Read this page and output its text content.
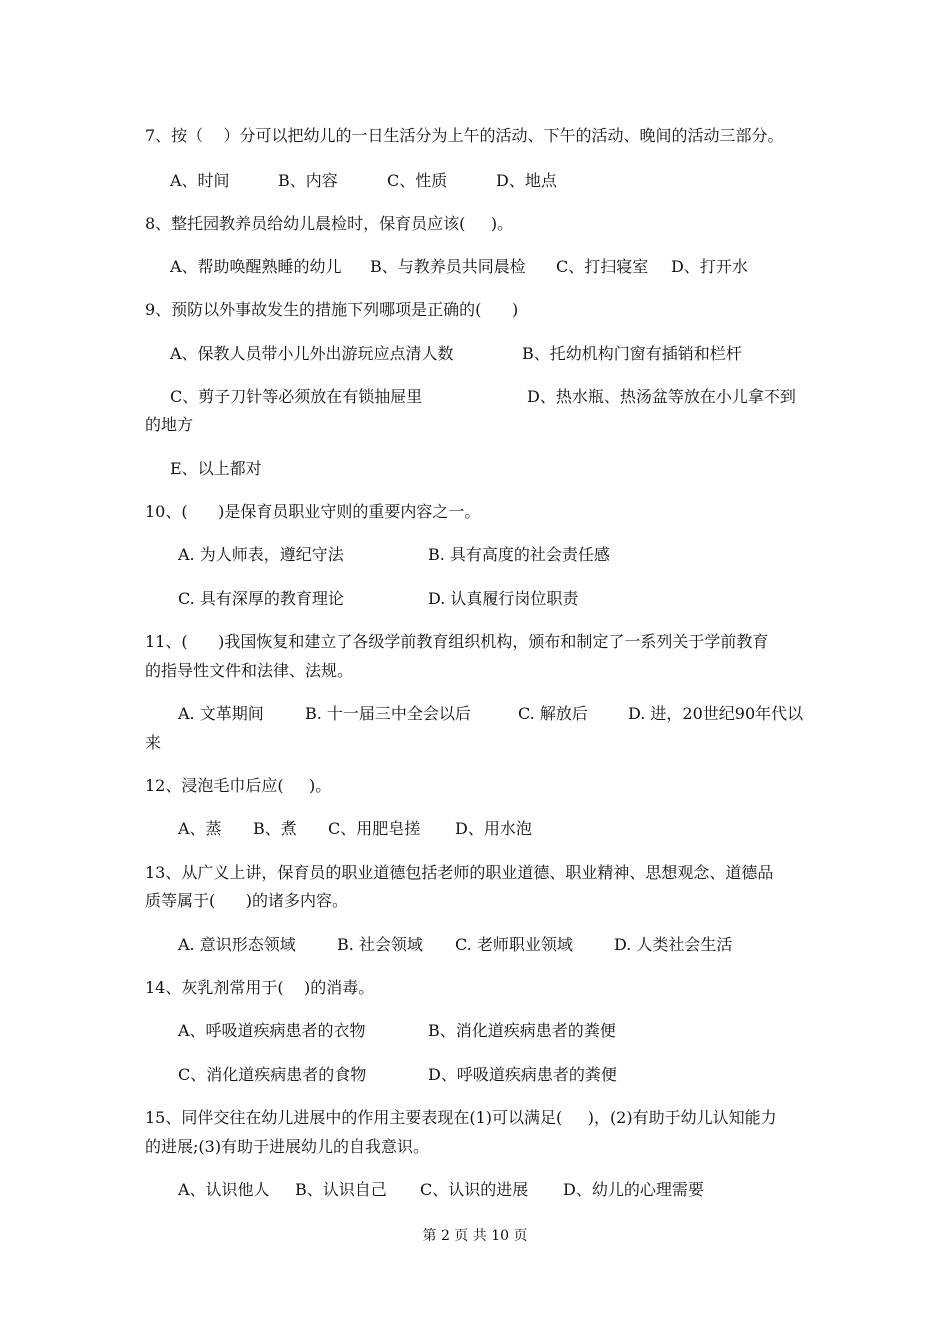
7、按（    ）分可以把幼儿的一日生活分为上午的活动、下午的活动、晚间的活动三部分。
A、时间	B、内容	C、性质	D、地点
8、整托园教养员给幼儿晨检时，保育员应该(     )。
A、帮助唤醒熟睡的幼儿 B、与教养员共同晨检 C、打扫寝室 D、打开水
9、预防以外事故发生的措施下列哪项是正确的(      )
A、保教人员带小儿外出游玩应点清人数	B、托幼机构门窗有插销和栏杆
C、剪子刀针等必须放在有锁抽屉里	D、热水瓶、热汤盆等放在小儿拿不到
的地方
E、以上都对
10、(      )是保育员职业守则的重要内容之一。
A. 为人师表，遵纪守法	B. 具有高度的社会责任感
C. 具有深厚的教育理论	D. 认真履行岗位职责
11、(      )我国恢复和建立了各级学前教育组织机构，颁布和制定了一系列关于学前教育
的指导性文件和法律、法规。
A. 文革期间	B. 十一届三中全会以后	C. 解放后	D. 进，20世纪90年代以
来
12、浸泡毛巾后应(     )。
A、蒸 B、煮 C、用肥皂搓 D、用水泡
13、从广义上讲，保育员的职业道德包括老师的职业道德、职业精神、思想观念、道德品
质等属于(      )的诸多内容。
A. 意识形态领域	B. 社会领域 C. 老师职业领域	D. 人类社会生活
14、灰乳剂常用于(    )的消毒。
A、呼吸道疾病患者的衣物	B、消化道疾病患者的粪便
C、消化道疾病患者的食物	D、呼吸道疾病患者的粪便
15、同伴交往在幼儿进展中的作用主要表现在(1)可以满足(     )，(2)有助于幼儿认知能力
的进展;(3)有助于进展幼儿的自我意识。
A、认识他人 B、认识自己 C、认识的进展 D、幼儿的心理需要
第 2 页 共 10 页
